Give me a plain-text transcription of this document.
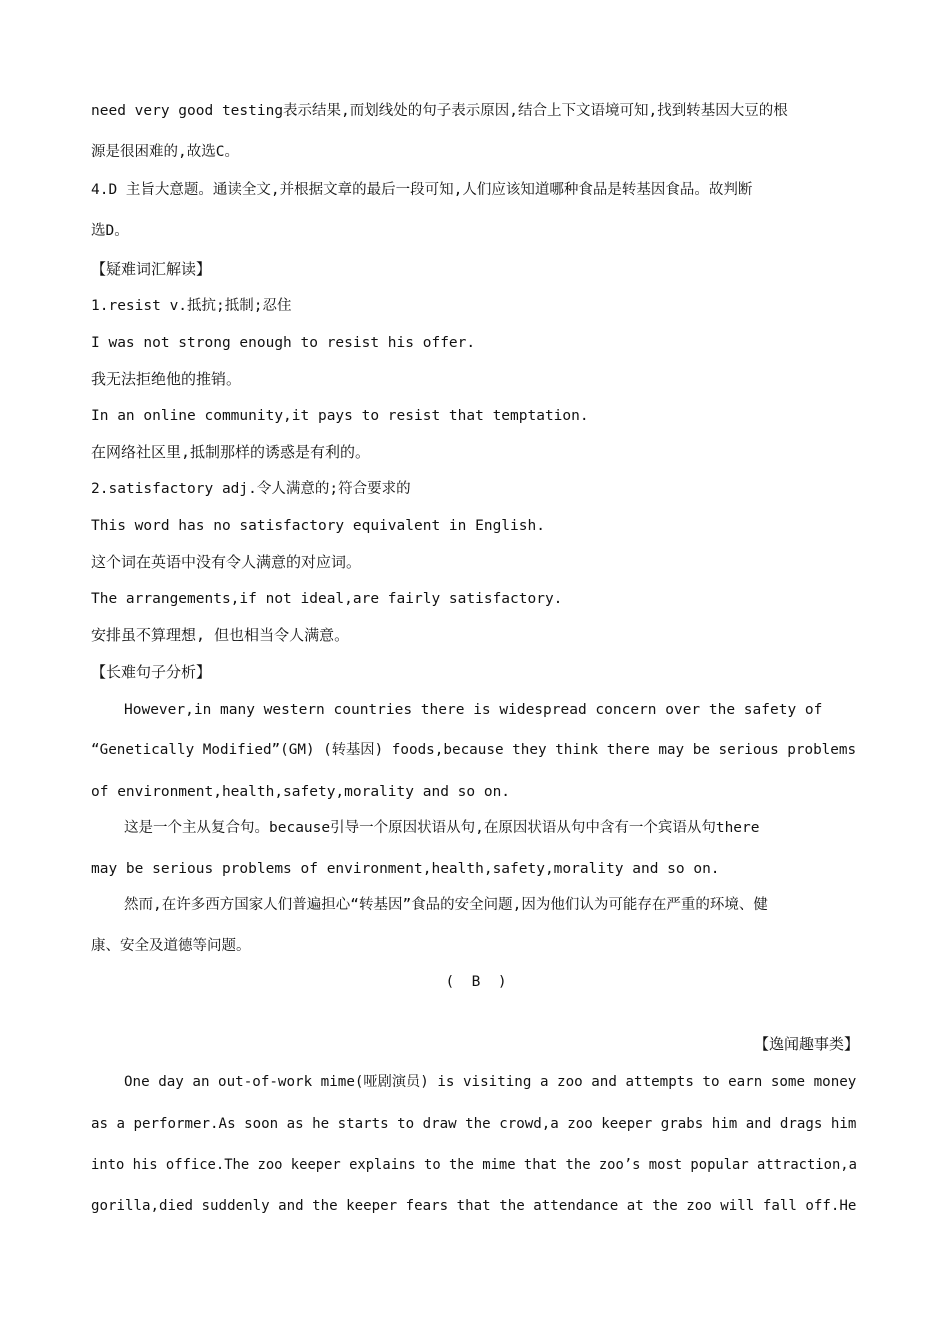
need very good testing表示结果,而划线处的句子表示原因,结合上下文语境可知,找到转基因大豆的根
源是很困难的,故选C。
4.D 主旨大意题。通读全文,并根据文章的最后一段可知,人们应该知道哪种食品是转基因食品。故判断
选D。
【疑难词汇解读】
1.resist v.抵抗;抵制;忍住
I was not strong enough to resist his offer.
我无法拒绝他的推销。
In an online community,it pays to resist that temptation.
在网络社区里,抵制那样的诱惑是有利的。
2.satisfactory adj.令人满意的;符合要求的
This word has no satisfactory equivalent in English.
这个词在英语中没有令人满意的对应词。
The arrangements,if not ideal,are fairly satisfactory.
安排虽不算理想, 但也相当令人满意。
【长难句子分析】
However,in many western countries there is widespread concern over the safety of
“Genetically Modified”(GM) (转基因) foods,because they think there may be serious problems
of environment,health,safety,morality and so on.
这是一个主从复合句。because引导一个原因状语从句,在原因状语从句中含有一个宾语从句there
may be serious problems of environment,health,safety,morality and so on.
然而,在许多西方国家人们普遍担心“转基因”食品的安全问题,因为他们认为可能存在严重的环境、健
康、安全及道德等问题。
(  B  )
【逸闻趣事类】
One day an out-of-work mime(哑剧演员) is visiting a zoo and attempts to earn some money
as a performer.As soon as he starts to draw the crowd,a zoo keeper grabs him and drags him
into his office.The zoo keeper explains to the mime that the zoo’s most popular attraction,a
gorilla,died suddenly and the keeper fears that the attendance at the zoo will fall off.He
